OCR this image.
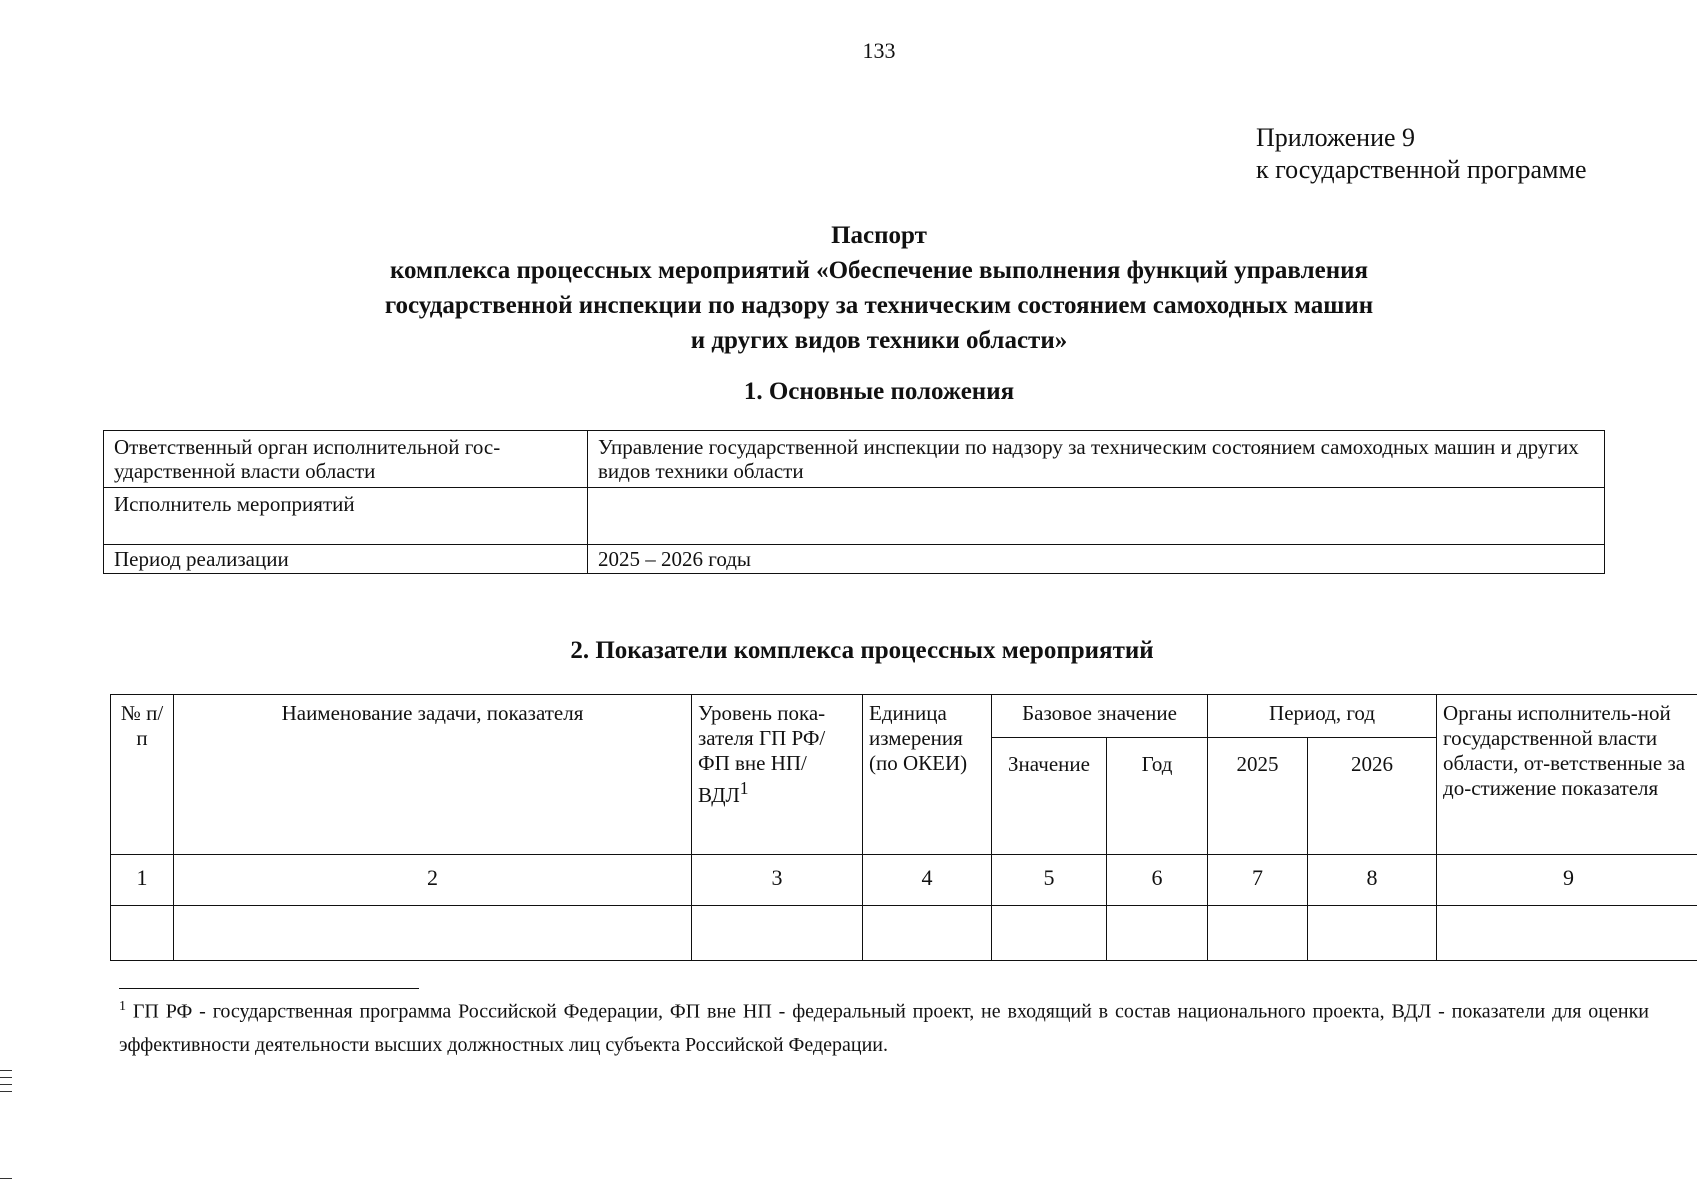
133
Приложение 9
к государственной программе
Паспорт
комплекса процессных мероприятий «Обеспечение выполнения функций управления
государственной инспекции по надзору за техническим состоянием самоходных машин
и других видов техники области»
1. Основные положения
Ответственный орган исполнительной гос-ударственной власти области	Управление государственной инспекции по надзору за техническим состоянием самоходных машин и других видов техники области
Исполнитель мероприятий	
Период реализации	2025 – 2026 годы
2. Показатели комплекса процессных мероприятий
№ п/п	Наименование задачи, показателя	Уровень пока-зателя ГП РФ/ФП вне НП/ВДЛ$^1$	Единица измерения (по ОКЕИ)	Базовое значение		Период, год		Органы исполнитель-ной государственной власти области, от-ветственные за до-стижение показателя
				Значение	Год	2025	2026	
1	2	3	4	5	6	7	8	9

$^1$ ГП РФ - государственная программа Российской Федерации, ФП вне НП - федеральный проект, не входящий в состав национального проекта, ВДЛ - показатели для оценки эффективности деятельности высших должностных лиц субъекта Российской Федерации.
